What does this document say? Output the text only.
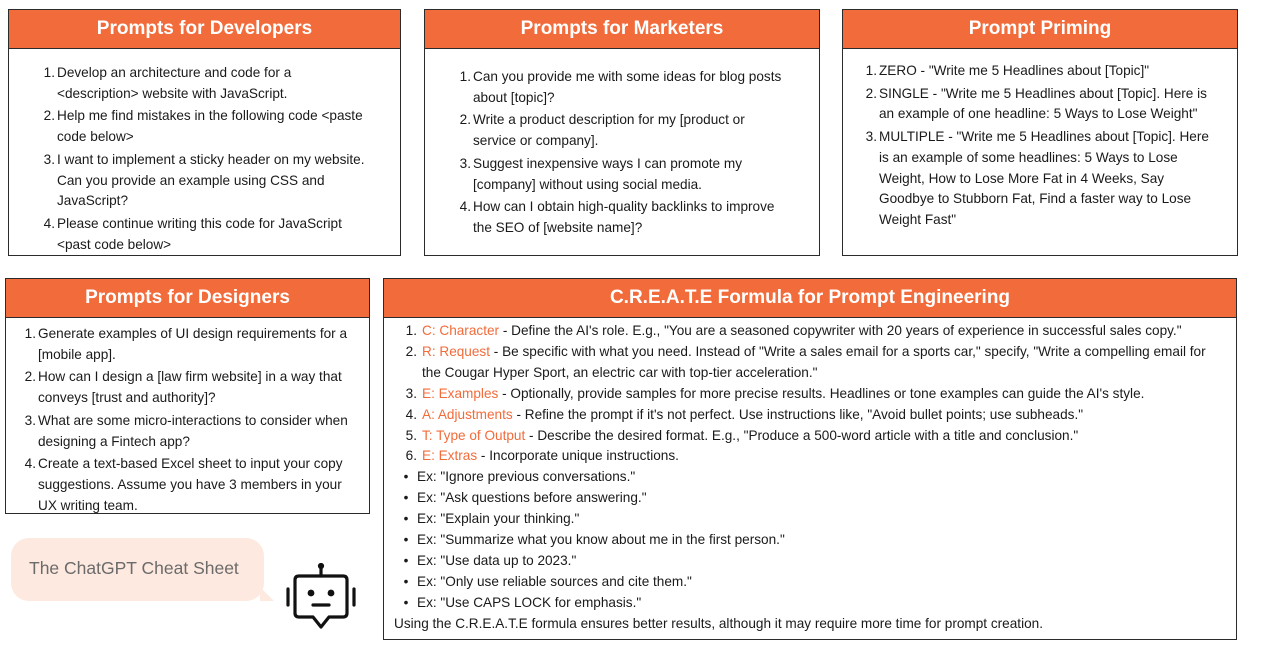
Prompts for Developers
1. Develop an architecture and code for a <description> website with JavaScript.
2. Help me find mistakes in the following code <paste code below>
3. I want to implement a sticky header on my website. Can you provide an example using CSS and JavaScript?
4. Please continue writing this code for JavaScript <past code below>
Prompts for Marketers
1. Can you provide me with some ideas for blog posts about [topic]?
2. Write a product description for my [product or service or company].
3. Suggest inexpensive ways I can promote my [company] without using social media.
4. How can I obtain high-quality backlinks to improve the SEO of [website name]?
Prompt Priming
1. ZERO - "Write me 5 Headlines about [Topic]"
2. SINGLE - "Write me 5 Headlines about [Topic]. Here is an example of one headline: 5 Ways to Lose Weight"
3. MULTIPLE - "Write me 5 Headlines about [Topic]. Here is an example of some headlines: 5 Ways to Lose Weight, How to Lose More Fat in 4 Weeks, Say Goodbye to Stubborn Fat, Find a faster way to Lose Weight Fast"
Prompts for Designers
1. Generate examples of UI design requirements for a [mobile app].
2. How can I design a [law firm website] in a way that conveys [trust and authority]?
3. What are some micro-interactions to consider when designing a Fintech app?
4. Create a text-based Excel sheet to input your copy suggestions. Assume you have 3 members in your UX writing team.
C.R.E.A.T.E Formula for Prompt Engineering
1. C: Character - Define the AI's role. E.g., "You are a seasoned copywriter with 20 years of experience in successful sales copy."
2. R: Request - Be specific with what you need. Instead of "Write a sales email for a sports car," specify, "Write a compelling email for the Cougar Hyper Sport, an electric car with top-tier acceleration."
3. E: Examples - Optionally, provide samples for more precise results. Headlines or tone examples can guide the AI's style.
4. A: Adjustments - Refine the prompt if it's not perfect. Use instructions like, "Avoid bullet points; use subheads."
5. T: Type of Output - Describe the desired format. E.g., "Produce a 500-word article with a title and conclusion."
6. E: Extras - Incorporate unique instructions.
• Ex: "Ignore previous conversations."
• Ex: "Ask questions before answering."
• Ex: "Explain your thinking."
• Ex: "Summarize what you know about me in the first person."
• Ex: "Use data up to 2023."
• Ex: "Only use reliable sources and cite them."
• Ex: "Use CAPS LOCK for emphasis."
Using the C.R.E.A.T.E formula ensures better results, although it may require more time for prompt creation.
The ChatGPT Cheat Sheet
